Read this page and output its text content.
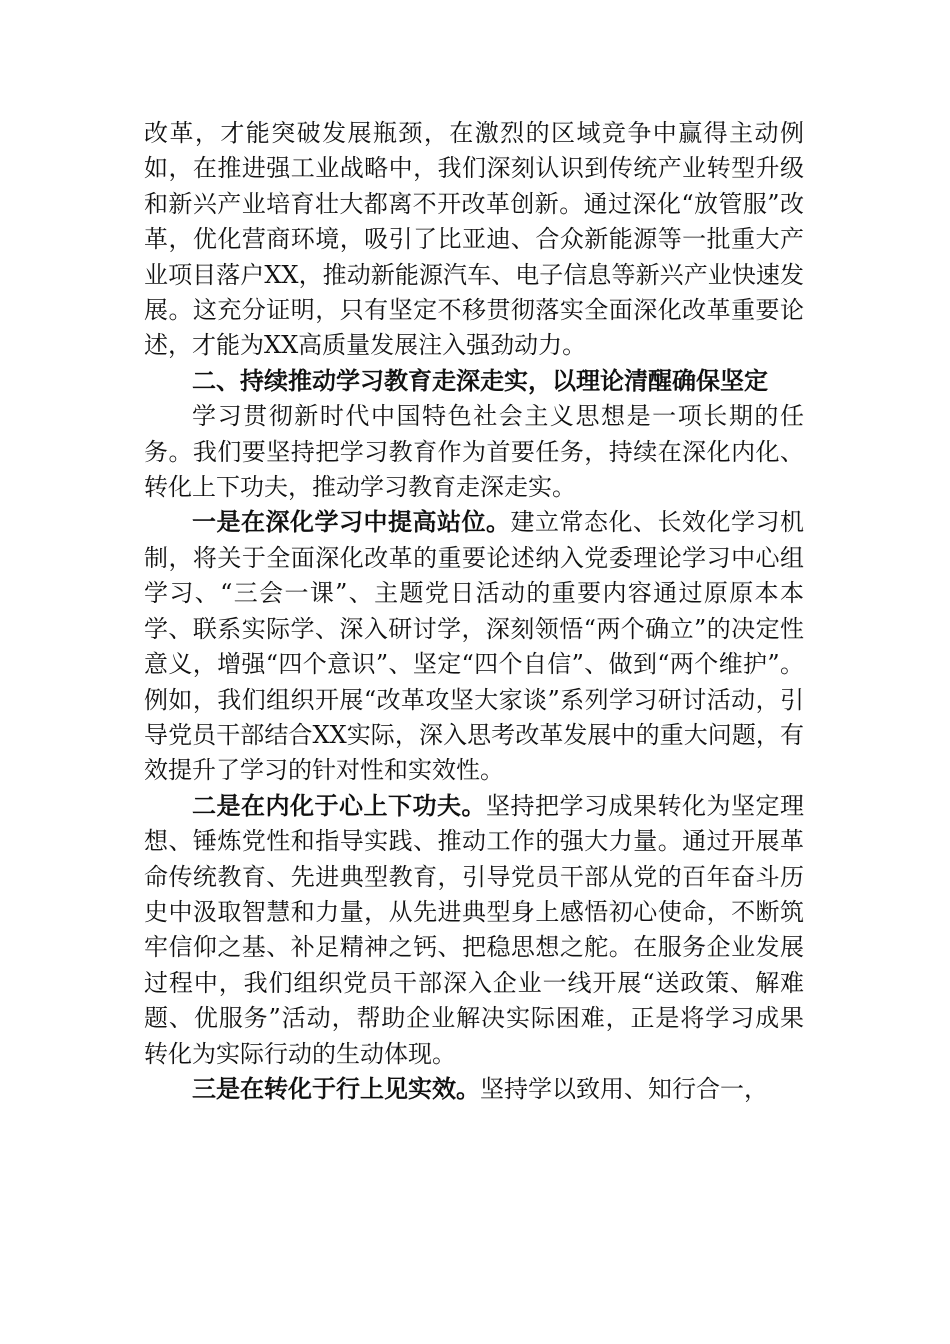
改革，才能突破发展瓶颈，在激烈的区域竞争中赢得主动例如，在推进强工业战略中，我们深刻认识到传统产业转型升级和新兴产业培育壮大都离不开改革创新。通过深化“放管服”改革，优化营商环境，吸引了比亚迪、合众新能源等一批重大产业项目落户XX，推动新能源汽车、电子信息等新兴产业快速发展。这充分证明，只有坚定不移贯彻落实全面深化改革重要论述，才能为XX高质量发展注入强劲动力。

二、持续推动学习教育走深走实，以理论清醒确保坚定

学习贯彻新时代中国特色社会主义思想是一项长期的任务。我们要坚持把学习教育作为首要任务，持续在深化内化、转化上下功夫，推动学习教育走深走实。

一是在深化学习中提高站位。建立常态化、长效化学习机制，将关于全面深化改革的重要论述纳入党委理论学习中心组学习、“三会一课”、主题党日活动的重要内容通过原原本本学、联系实际学、深入研讨学，深刻领悟“两个确立”的决定性意义，增强“四个意识”、坚定“四个自信”、做到“两个维护”。例如，我们组织开展“改革攻坚大家谈”系列学习研讨活动，引导党员干部结合XX实际，深入思考改革发展中的重大问题，有效提升了学习的针对性和实效性。

二是在内化于心上下功夫。坚持把学习成果转化为坚定理想、锤炼党性和指导实践、推动工作的强大力量。通过开展革命传统教育、先进典型教育，引导党员干部从党的百年奋斗历史中汲取智慧和力量，从先进典型身上感悟初心使命，不断筑牢信仰之基、补足精神之钙、把稳思想之舵。在服务企业发展过程中，我们组织党员干部深入企业一线开展“送政策、解难题、优服务”活动，帮助企业解决实际困难，正是将学习成果转化为实际行动的生动体现。

三是在转化于行上见实效。坚持学以致用、知行合一，
